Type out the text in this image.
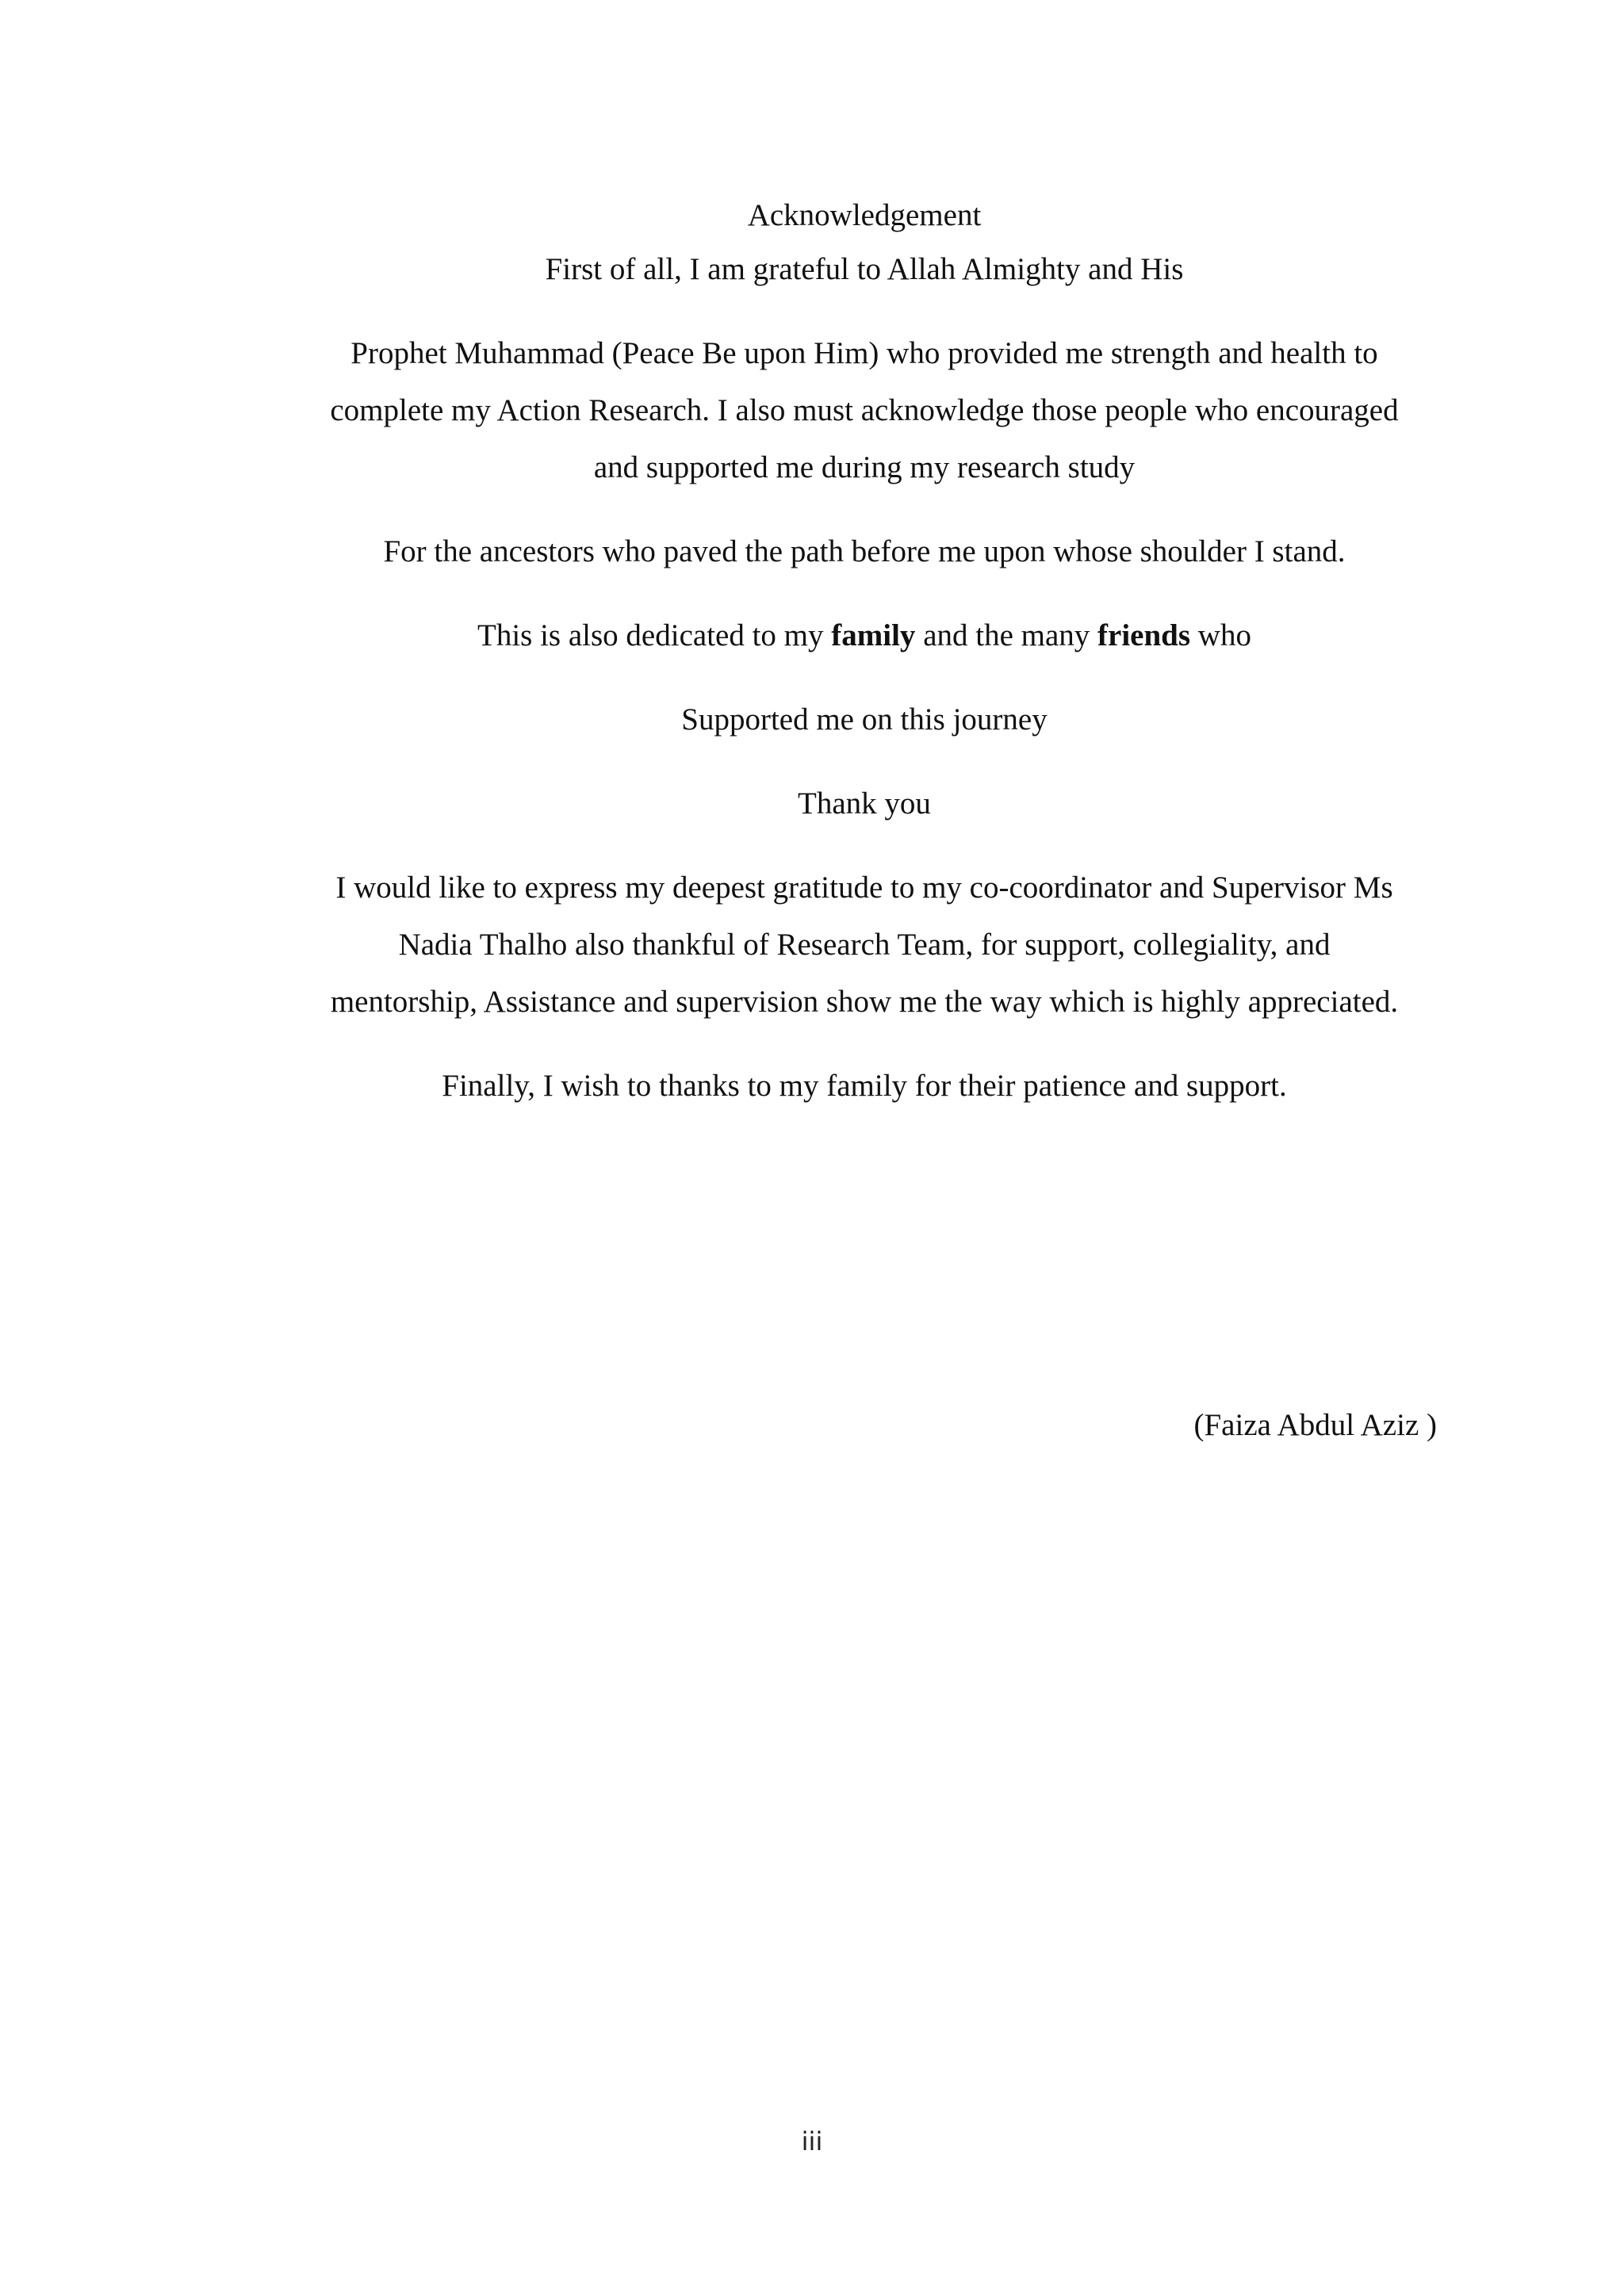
Acknowledgement
First of all, I am grateful to Allah Almighty and His
Prophet Muhammad (Peace Be upon Him) who provided me strength and health to
complete my Action Research. I also must acknowledge those people who encouraged
and supported me during my research study
For the ancestors who paved the path before me upon whose shoulder I stand.
This is also dedicated to my family and the many friends who
Supported me on this journey
Thank you
I would like to express my deepest gratitude to my co-coordinator and Supervisor Ms
Nadia Thalho also thankful of Research Team, for support, collegiality, and
mentorship, Assistance and supervision show me the way which is highly appreciated.
Finally, I wish to thanks to my family for their patience and support.
(Faiza Abdul Aziz )
iii
